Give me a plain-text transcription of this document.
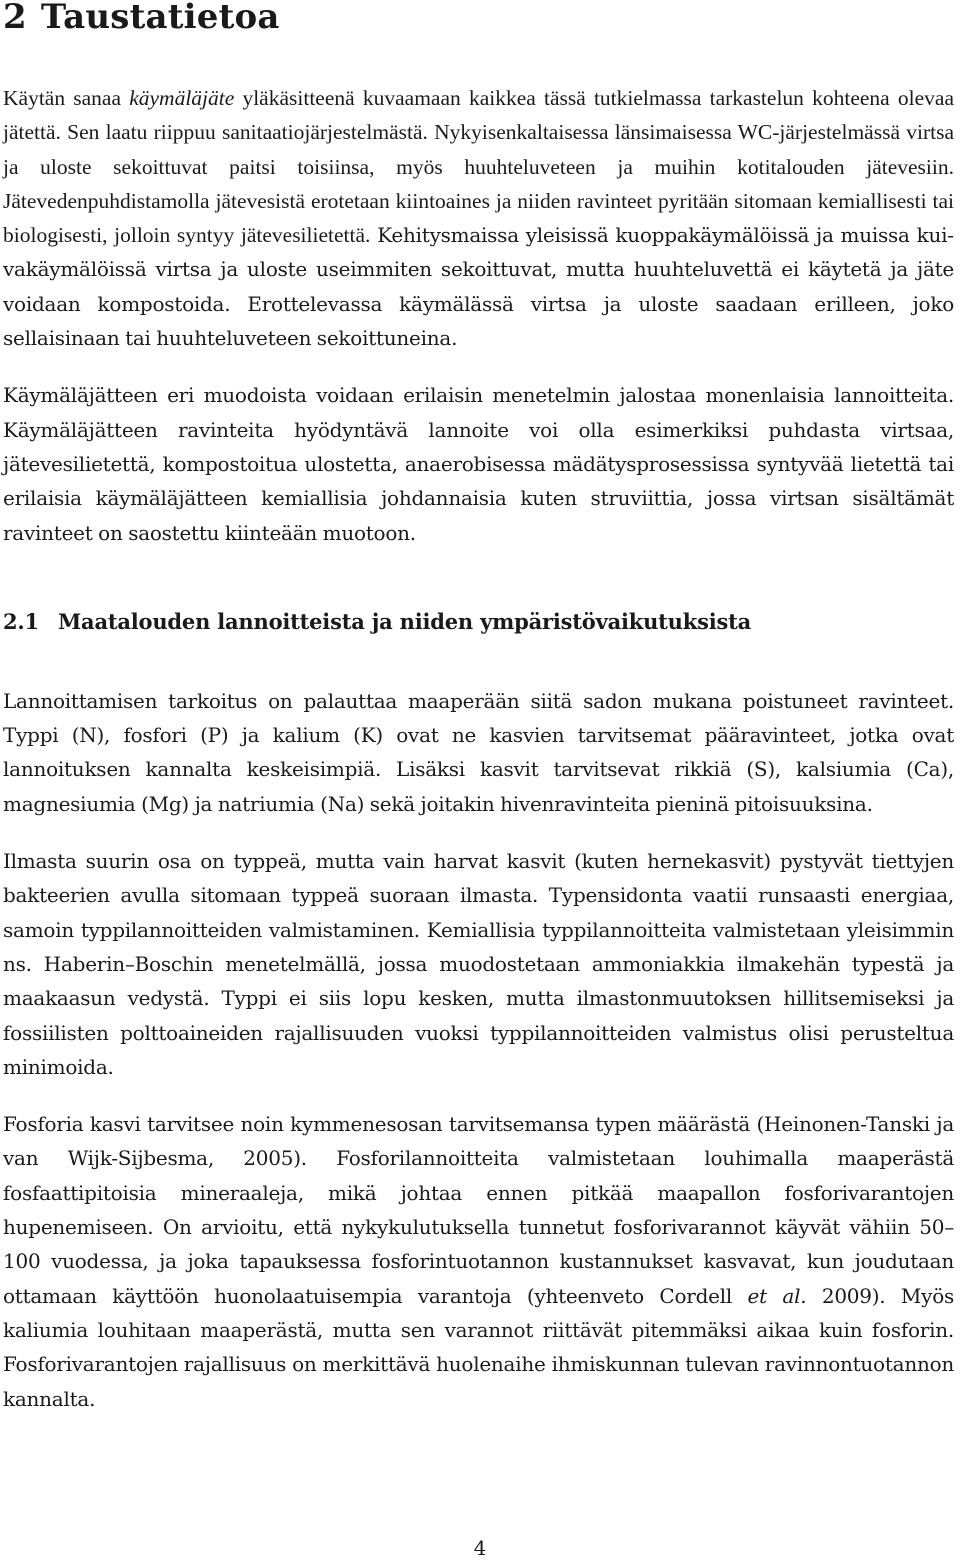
2 Taustatietoa

Käytän sanaa käymäläjäte yläkäsitteenä kuvaamaan kaikkea tässä tutkielmassa tarkastelun kohteena olevaa jätettä. Sen laatu riippuu sanitaatiojärjestelmästä. Nykyisenkaltaisessa länsimaisessa WC-järjestelmässä virtsa ja uloste sekoittuvat paitsi toisiinsa, myös huuhteluveteen ja muihin kotitalouden jätevesiin. Jätevedenpuhdistamolla jätevesistä erotetaan kiintoaines ja niiden ravinteet pyritään sitomaan kemiallisesti tai biologisesti, jolloin syntyy jätevesilietettä. Kehitysmaissa yleisissä kuoppakäymälöissä ja muissa kuivakäymälöissä virtsa ja uloste useimmiten sekoittuvat, mutta huuhteluvettä ei käytetä ja jäte voidaan kompostoida. Erottelevassa käymälässä virtsa ja uloste saadaan erilleen, joko sellaisinaan tai huuhteluveteen sekoittuneina.

Käymäläjätteen eri muodoista voidaan erilaisin menetelmin jalostaa monenlaisia lannoitteita. Käymäläjätteen ravinteita hyödyntävä lannoite voi olla esimerkiksi puhdasta virtsaa, jätevesilietettä, kompostoitua ulostetta, anaerobisessa mädätysprosessissa syntyvää lietettä tai erilaisia käymäläjätteen kemiallisia johdannaisia kuten struviittia, jossa virtsan sisältämät ravinteet on saostettu kiinteään muotoon.

2.1 Maatalouden lannoitteista ja niiden ympäristövaikutuksista

Lannoittamisen tarkoitus on palauttaa maaperään siitä sadon mukana poistuneet ravinteet. Typpi (N), fosfori (P) ja kalium (K) ovat ne kasvien tarvitsemat pääravinteet, jotka ovat lannoituksen kannalta keskeisimpiä. Lisäksi kasvit tarvitsevat rikkiä (S), kalsiumia (Ca), magnesiumia (Mg) ja natriumia (Na) sekä joitakin hivenravinteita pieninä pitoisuuksina.

Ilmasta suurin osa on typpeä, mutta vain harvat kasvit (kuten hernekasvit) pystyvät tiettyjen bakteerien avulla sitomaan typpeä suoraan ilmasta. Typensidonta vaatii runsaasti energiaa, samoin typpilannoitteiden valmistaminen. Kemiallisia typpilannoitteita valmistetaan yleisimmin ns. Haberin–Boschin menetelmällä, jossa muodostetaan ammoniakkia ilmakehän typestä ja maakaasun vedystä. Typpi ei siis lopu kesken, mutta ilmastonmuutoksen hillitsemiseksi ja fossiilisten polttoaineiden rajallisuuden vuoksi typpilannoitteiden valmistus olisi perusteltua minimoida.

Fosforia kasvi tarvitsee noin kymmenesosan tarvitsemansa typen määrästä (Heinonen-Tanski ja van Wijk-Sijbesma, 2005). Fosforilannoitteita valmistetaan louhimalla maaperästä fosfaattipitoisia mineraaleja, mikä johtaa ennen pitkää maapallon fosforivarantojen hupenemiseen. On arvioitu, että nykykulutuksella tunnetut fosforivarannot käyvät vähiin 50–100 vuodessa, ja joka tapauksessa fosforintuotannon kustannukset kasvavat, kun joudutaan ottamaan käyttöön huonolaatuisempia varantoja (yhteenveto Cordell et al. 2009). Myös kaliumia louhitaan maaperästä, mutta sen varannot riittävät pitemmäksi aikaa kuin fosforin. Fosforivarantojen rajallisuus on merkittävä huolenaihe ihmiskunnan tulevan ravinnontuotannon kannalta.

4
